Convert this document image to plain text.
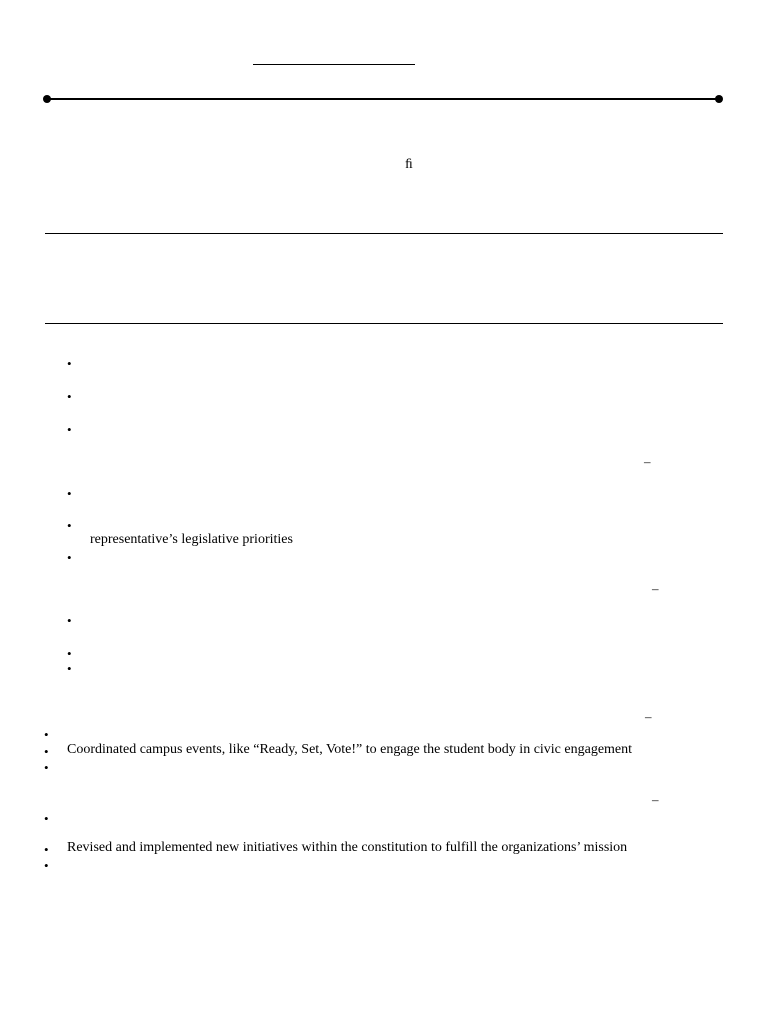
ﬁ
•
•
•
–
•
•
representative’s legislative priorities
•
–
•
•
•
–
•
• Coordinated campus events, like “Ready, Set, Vote!” to engage the student body in civic engagement
•
–
•
• Revised and implemented new initiatives within the constitution to fulfill the organizations’ mission
•
